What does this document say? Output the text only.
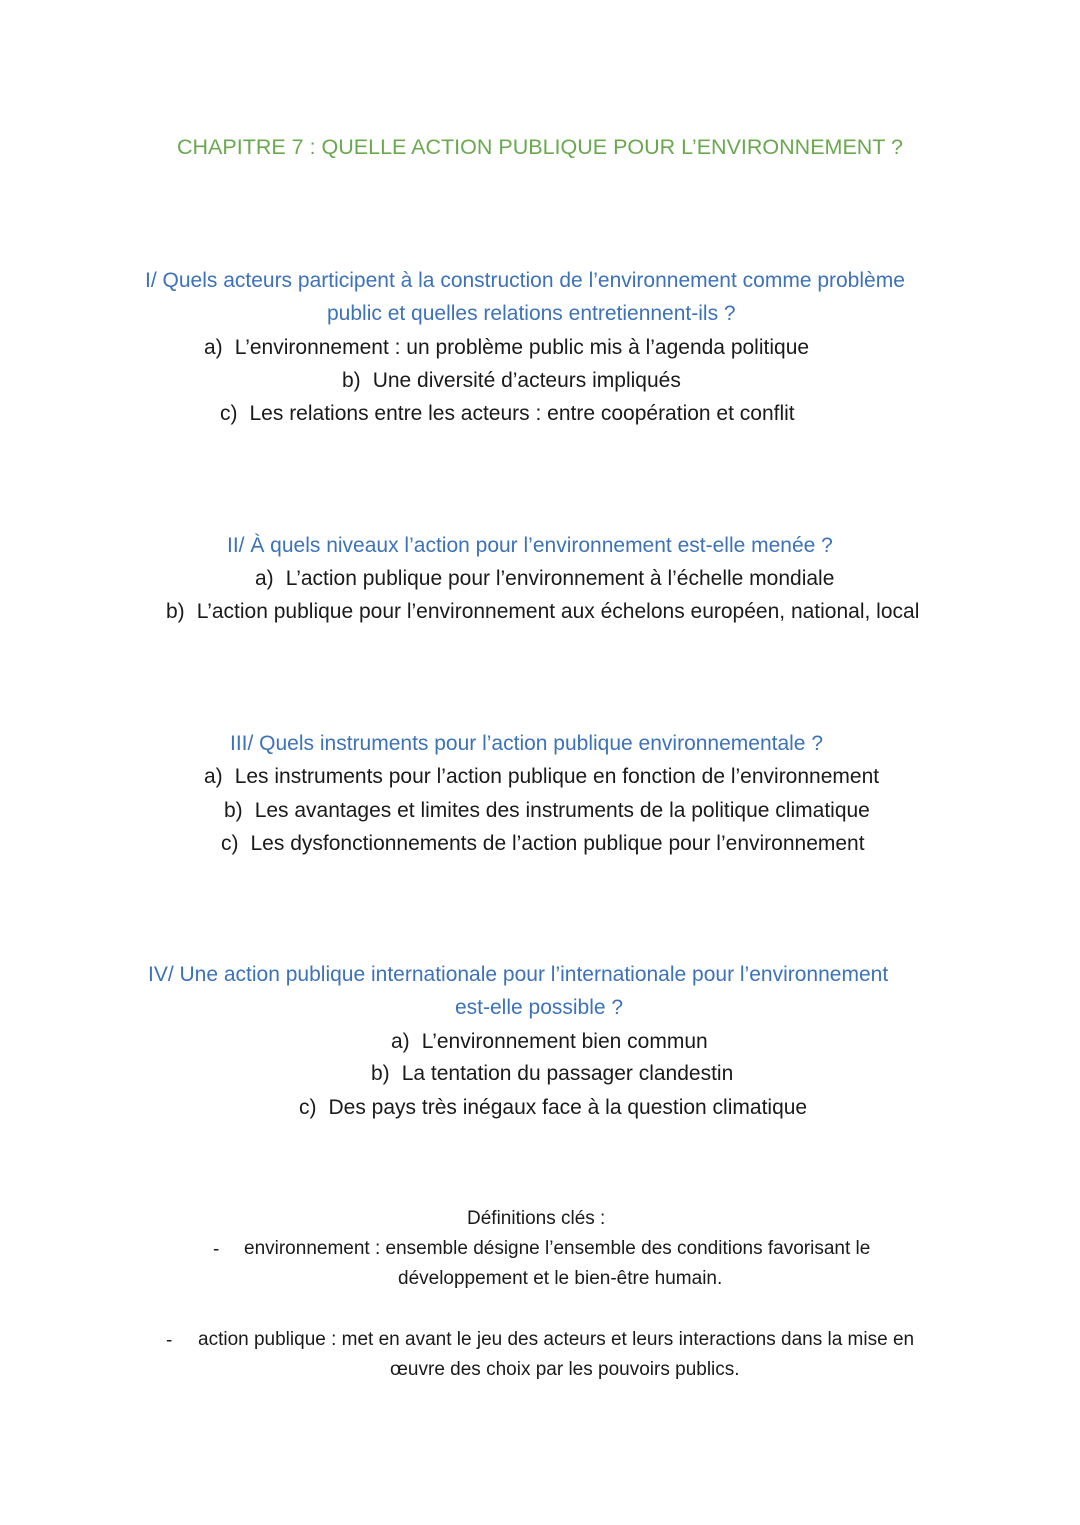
CHAPITRE 7 : QUELLE ACTION PUBLIQUE POUR L’ENVIRONNEMENT ?
I/ Quels acteurs participent à la construction de l’environnement comme problème
public et quelles relations entretiennent-ils ?
a) L’environnement : un problème public mis à l’agenda politique
b) Une diversité d’acteurs impliqués
c) Les relations entre les acteurs : entre coopération et conflit
II/ À quels niveaux l’action pour l’environnement est-elle menée ?
a) L’action publique pour l’environnement à l’échelle mondiale
b) L’action publique pour l’environnement aux échelons européen, national, local
III/ Quels instruments pour l’action publique environnementale ?
a) Les instruments pour l’action publique en fonction de l’environnement
b) Les avantages et limites des instruments de la politique climatique
c) Les dysfonctionnements de l’action publique pour l’environnement
IV/ Une action publique internationale pour l’internationale pour l’environnement
est-elle possible ?
a) L’environnement bien commun
b) La tentation du passager clandestin
c) Des pays très inégaux face à la question climatique
Définitions clés :
- environnement : ensemble désigne l’ensemble des conditions favorisant le
développement et le bien-être humain.
- action publique : met en avant le jeu des acteurs et leurs interactions dans la mise en
œuvre des choix par les pouvoirs publics.
